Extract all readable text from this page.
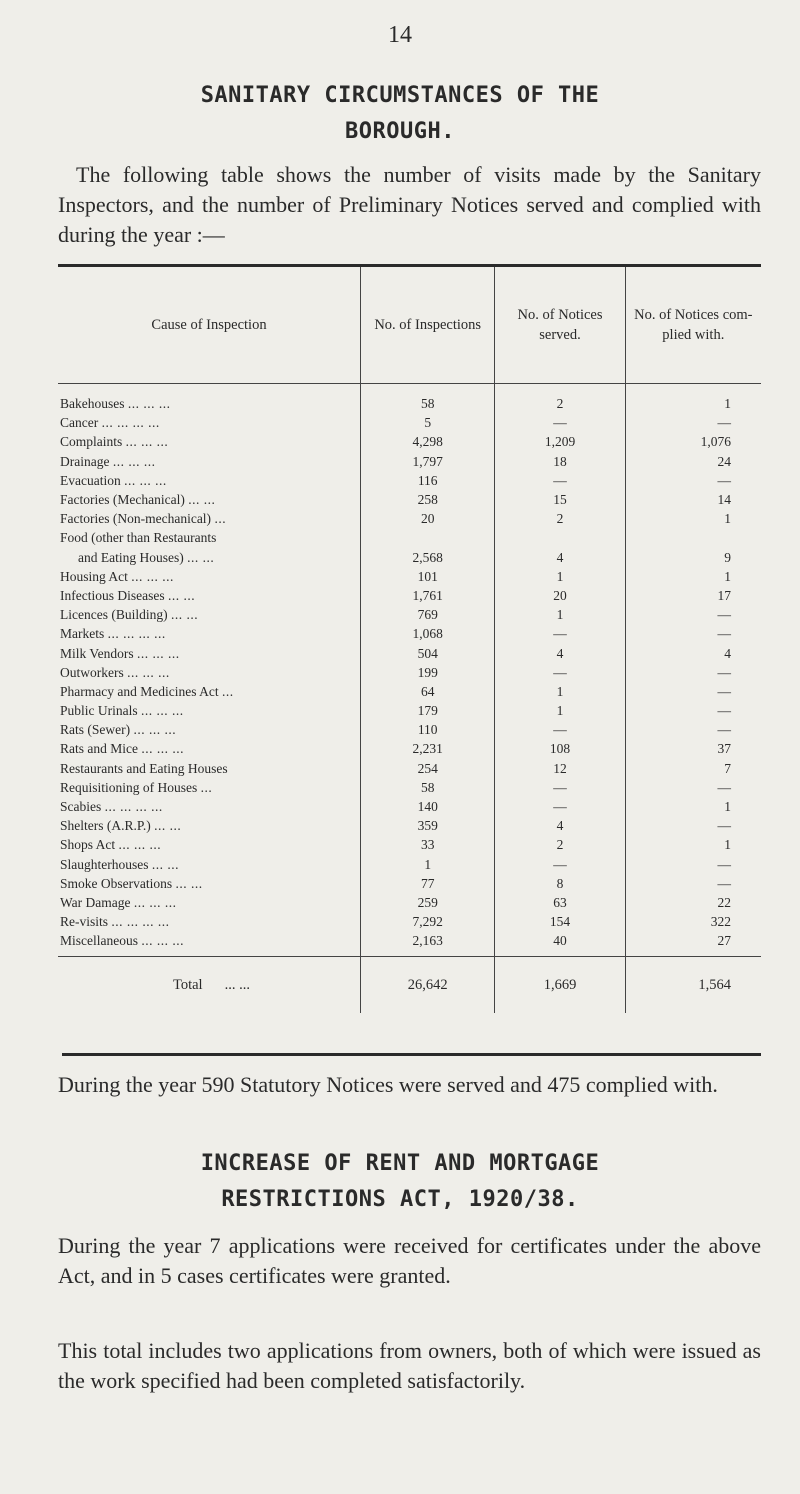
14
SANITARY CIRCUMSTANCES OF THE
BOROUGH.

The following table shows the number of visits made by the Sanitary Inspectors, and the number of Preliminary Notices served and complied with during the year :—

Cause of Inspection	No. of Inspections	No. of Notices served.	No. of Notices com- plied with.
Bakehouses ... ... ...	58	2	1
Cancer ... ... ... ...	5	—	—
Complaints ... ... ...	4,298	1,209	1,076
Drainage ... ... ...	1,797	18	24
Evacuation ... ... ...	116	—	—
Factories (Mechanical) ... ...	258	15	14
Factories (Non-mechanical) ...	20	2	1
Food (other than Restaurants			
and Eating Houses) ... ...	2,568	4	9
Housing Act ... ... ...	101	1	1
Infectious Diseases ... ...	1,761	20	17
Licences (Building) ... ...	769	1	—
Markets ... ... ... ...	1,068	—	—
Milk Vendors ... ... ...	504	4	4
Outworkers ... ... ...	199	—	—
Pharmacy and Medicines Act ...	64	1	—
Public Urinals ... ... ...	179	1	—
Rats (Sewer) ... ... ...	110	—	—
Rats and Mice ... ... ...	2,231	108	37
Restaurants and Eating Houses	254	12	7
Requisitioning of Houses ...	58	—	—
Scabies ... ... ... ...	140	—	1
Shelters (A.R.P.) ... ...	359	4	—
Shops Act ... ... ...	33	2	1
Slaughterhouses ... ...	1	—	—
Smoke Observations ... ...	77	8	—
War Damage ... ... ...	259	63	22
Re-visits ... ... ... ...	7,292	154	322
Miscellaneous ... ... ...	2,163	40	27

Total ... ...	26,642	1,669	1,564

During the year 590 Statutory Notices were served and 475 complied with.

INCREASE OF RENT AND MORTGAGE
RESTRICTIONS ACT, 1920/38.

During the year 7 applications were received for certificates under the above Act, and in 5 cases certificates were granted.

This total includes two applications from owners, both of which were issued as the work specified had been completed satisfactorily.
